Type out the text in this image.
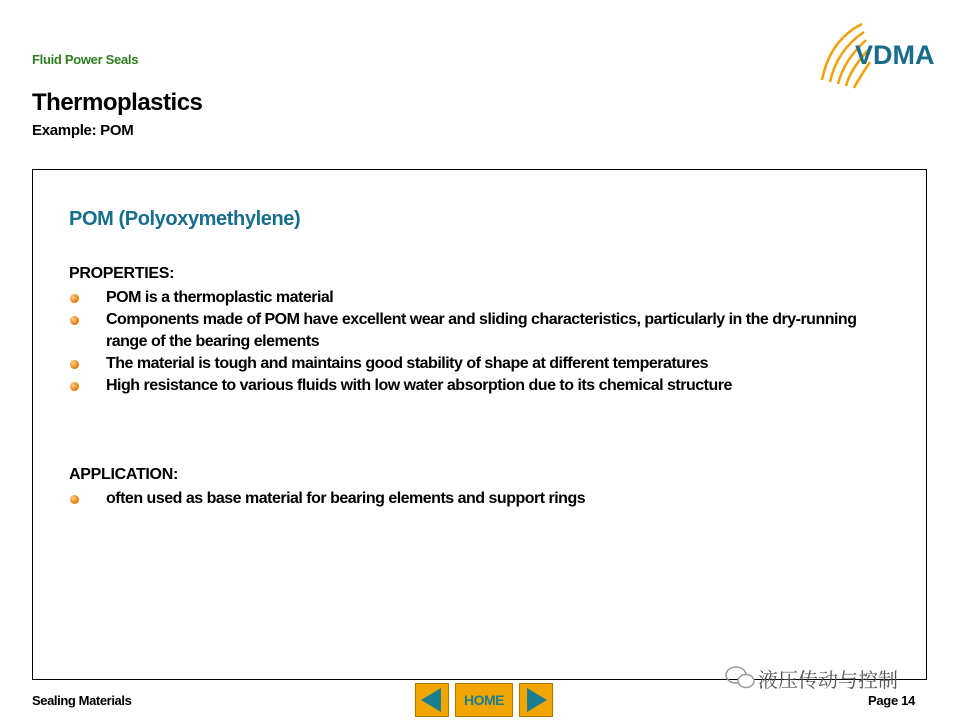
Fluid Power Seals
Thermoplastics
Example: POM
VDMA
POM (Polyoxymethylene)
PROPERTIES:
POM is a thermoplastic material
Components made of POM have excellent wear and sliding characteristics, particularly in the dry-running range of the bearing elements
The material is tough and maintains good stability of shape at different temperatures
High resistance to various fluids with low water absorption due to its chemical structure
APPLICATION:
often used as base material for bearing elements and support rings
液压传动与控制
Sealing Materials	HOME	Page 14
